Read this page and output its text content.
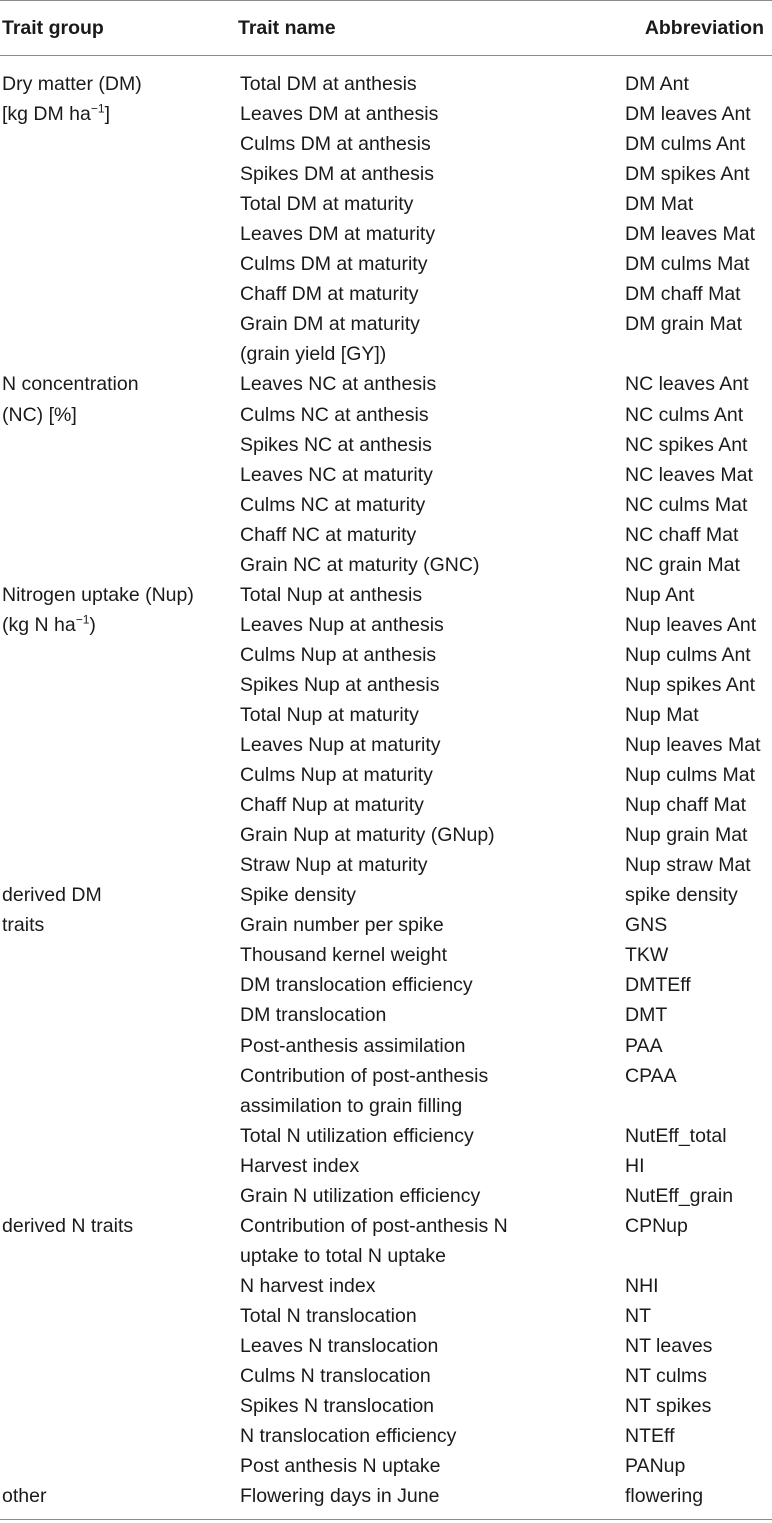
Trait group	Trait name	Abbreviation
Dry matter (DM)	Total DM at anthesis	DM Ant
[kg DM $ha^{-1}$]	Leaves DM at anthesis	DM leaves Ant
	Culms DM at anthesis	DM culms Ant
	Spikes DM at anthesis	DM spikes Ant
	Total DM at maturity	DM Mat
	Leaves DM at maturity	DM leaves Mat
	Culms DM at maturity	DM culms Mat
	Chaff DM at maturity	DM chaff Mat
	Grain DM at maturity	DM grain Mat
	(grain yield [GY])	
N concentration	Leaves NC at anthesis	NC leaves Ant
(NC) [%]	Culms NC at anthesis	NC culms Ant
	Spikes NC at anthesis	NC spikes Ant
	Leaves NC at maturity	NC leaves Mat
	Culms NC at maturity	NC culms Mat
	Chaff NC at maturity	NC chaff Mat
	Grain NC at maturity (GNC)	NC grain Mat
Nitrogen uptake (Nup)	Total Nup at anthesis	Nup Ant
(kg N $ha^{-1}$)	Leaves Nup at anthesis	Nup leaves Ant
	Culms Nup at anthesis	Nup culms Ant
	Spikes Nup at anthesis	Nup spikes Ant
	Total Nup at maturity	Nup Mat
	Leaves Nup at maturity	Nup leaves Mat
	Culms Nup at maturity	Nup culms Mat
	Chaff Nup at maturity	Nup chaff Mat
	Grain Nup at maturity (GNup)	Nup grain Mat
	Straw Nup at maturity	Nup straw Mat
derived DM	Spike density	spike density
traits	Grain number per spike	GNS
	Thousand kernel weight	TKW
	DM translocation efficiency	DMTEff
	DM translocation	DMT
	Post-anthesis assimilation	PAA
	Contribution of post-anthesis	CPAA
	assimilation to grain filling	
	Total N utilization efficiency	NutEff_total
	Harvest index	HI
	Grain N utilization efficiency	NutEff_grain
derived N traits	Contribution of post-anthesis N	CPNup
	uptake to total N uptake	
	N harvest index	NHI
	Total N translocation	NT
	Leaves N translocation	NT leaves
	Culms N translocation	NT culms
	Spikes N translocation	NT spikes
	N translocation efficiency	NTEff
	Post anthesis N uptake	PANup
other	Flowering days in June	flowering
